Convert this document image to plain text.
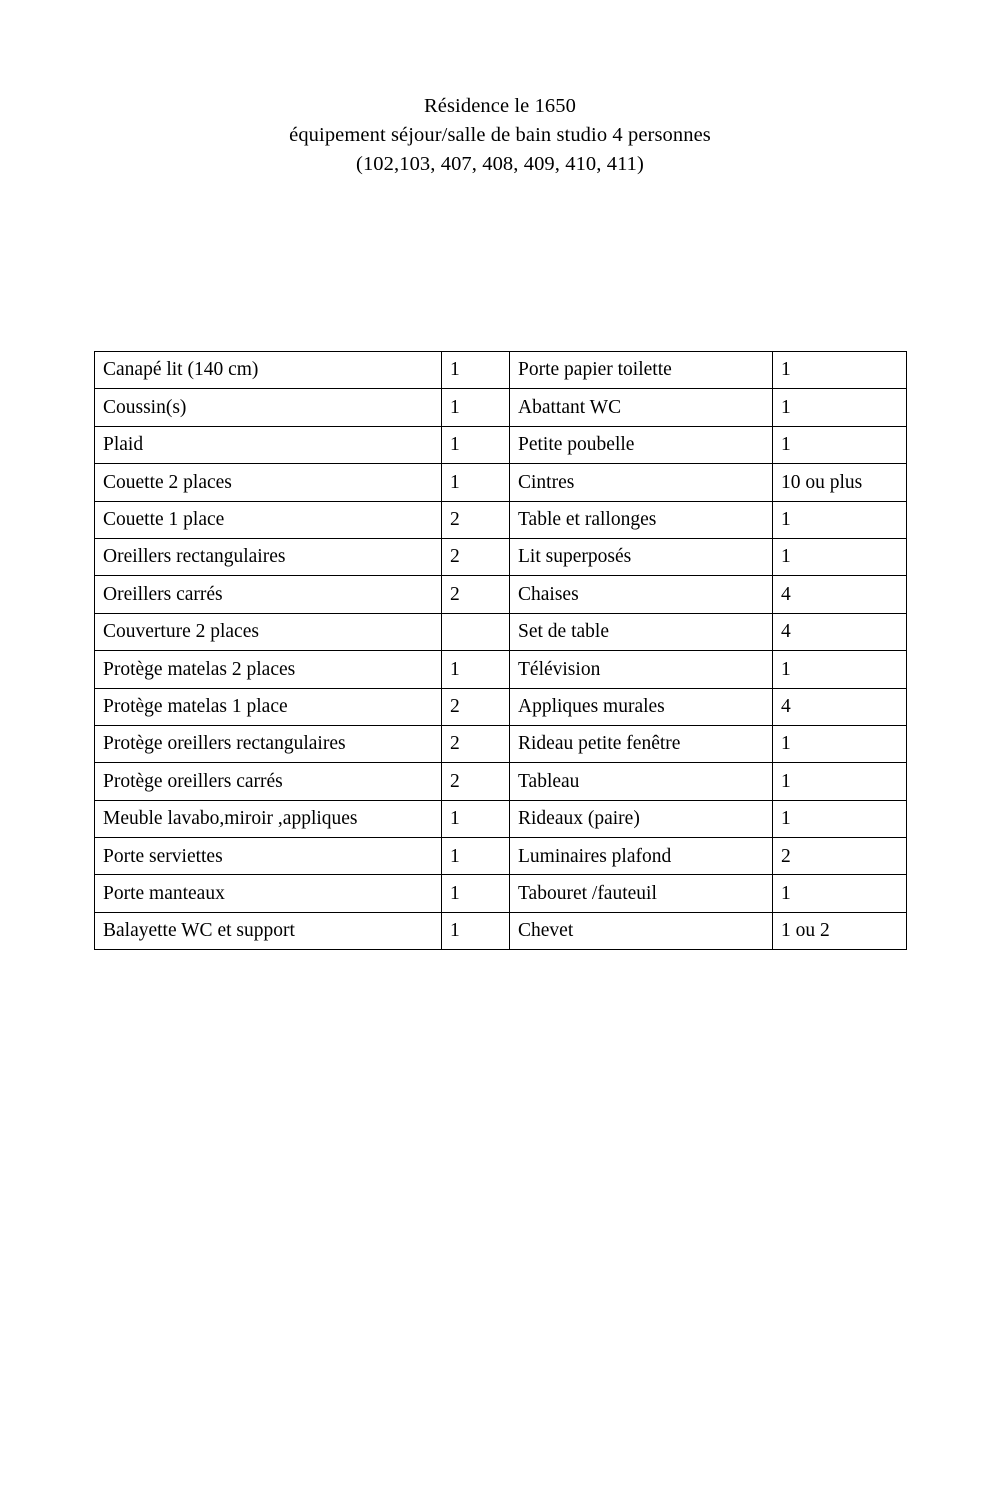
Résidence le 1650
équipement séjour/salle de bain studio 4 personnes
(102,103, 407, 408, 409, 410, 411)
Canapé lit (140 cm)	1	Porte papier toilette	1
Coussin(s)	1	Abattant WC	1
Plaid	1	Petite poubelle	1
Couette 2 places	1	Cintres	10 ou plus
Couette 1 place	2	Table et rallonges	1
Oreillers rectangulaires	2	Lit superposés	1
Oreillers carrés	2	Chaises	4
Couverture 2 places		Set de table	4
Protège matelas 2 places	1	Télévision	1
Protège matelas 1 place	2	Appliques murales	4
Protège oreillers rectangulaires	2	Rideau petite fenêtre	1
Protège oreillers carrés	2	Tableau	1
Meuble lavabo,miroir ,appliques	1	Rideaux (paire)	1
Porte serviettes	1	Luminaires plafond	2
Porte manteaux	1	Tabouret /fauteuil	1
Balayette WC et support	1	Chevet	1 ou 2
